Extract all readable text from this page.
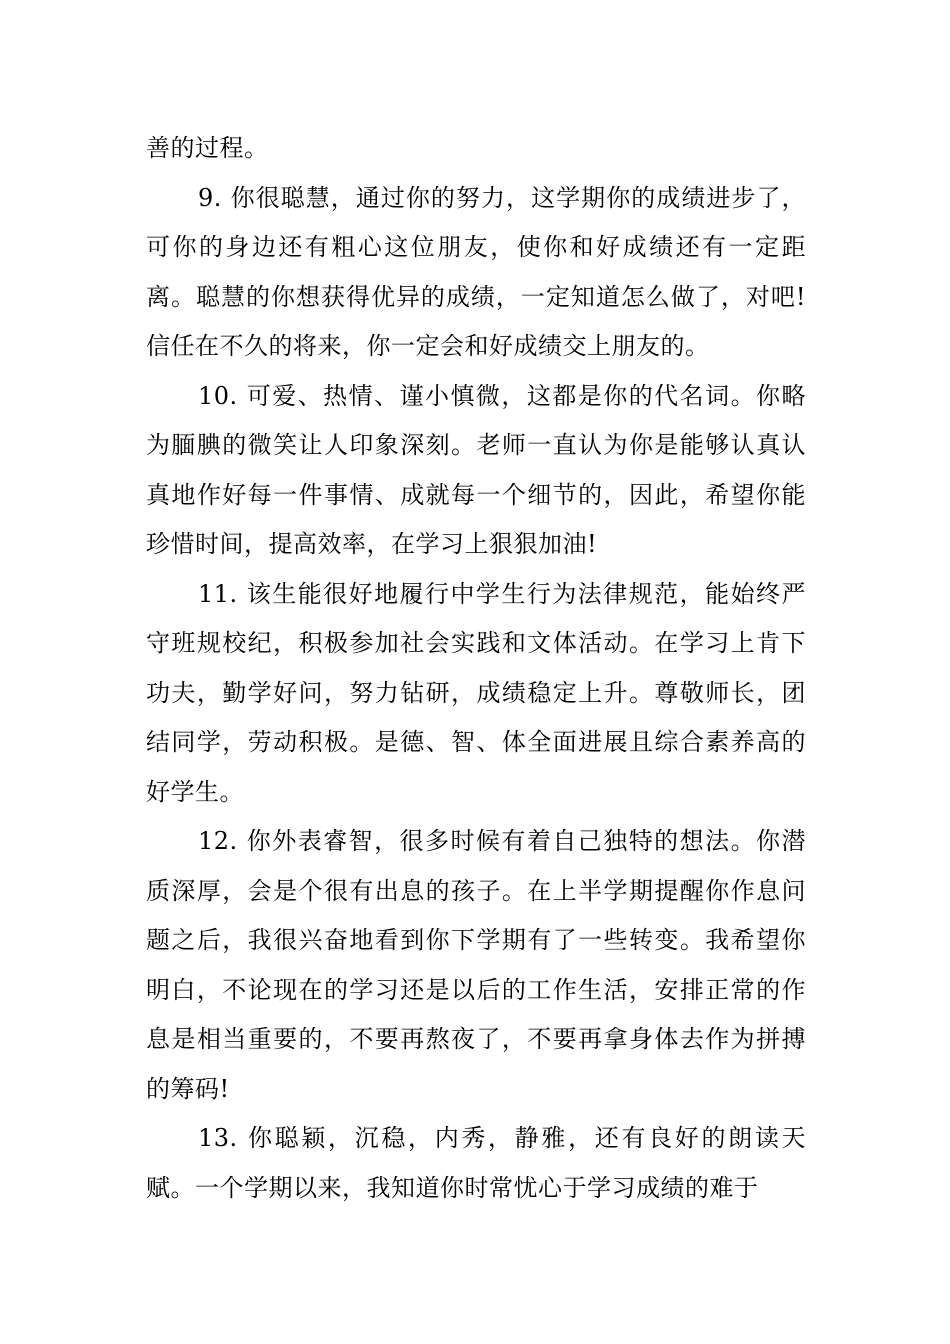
善的过程。

9. 你很聪慧，通过你的努力，这学期你的成绩进步了，可你的身边还有粗心这位朋友，使你和好成绩还有一定距离。聪慧的你想获得优异的成绩，一定知道怎么做了，对吧!信任在不久的将来，你一定会和好成绩交上朋友的。

10. 可爱、热情、谨小慎微，这都是你的代名词。你略为腼腆的微笑让人印象深刻。老师一直认为你是能够认真认真地作好每一件事情、成就每一个细节的，因此，希望你能珍惜时间，提高效率，在学习上狠狠加油!

11. 该生能很好地履行中学生行为法律规范，能始终严守班规校纪，积极参加社会实践和文体活动。在学习上肯下功夫，勤学好问，努力钻研，成绩稳定上升。尊敬师长，团结同学，劳动积极。是德、智、体全面进展且综合素养高的好学生。

12. 你外表睿智，很多时候有着自己独特的想法。你潜质深厚，会是个很有出息的孩子。在上半学期提醒你作息问题之后，我很兴奋地看到你下学期有了一些转变。我希望你明白，不论现在的学习还是以后的工作生活，安排正常的作息是相当重要的，不要再熬夜了，不要再拿身体去作为拼搏的筹码!

13. 你聪颖，沉稳，内秀，静雅，还有良好的朗读天赋。一个学期以来，我知道你时常忧心于学习成绩的难于
